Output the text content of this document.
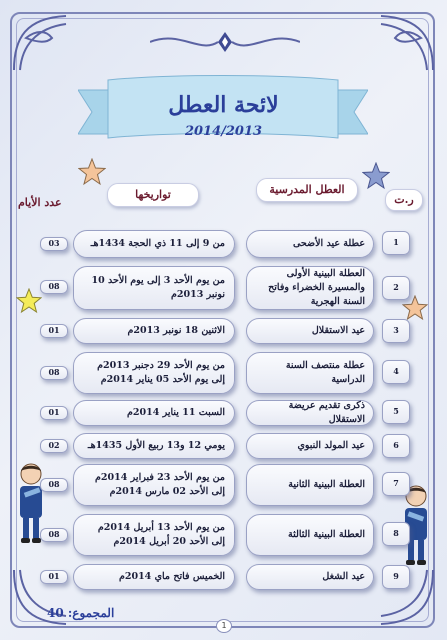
لائحة العطل
2014/2013
ر.ت
العطل المدرسية
تواريخها
عدد الأيام
1
عطلة عيد الأضحى
من 9 إلى 11 ذي الحجة 1434هـ
03
2
العطلة البينية الأولى والمسيرة الخضراء وفاتح السنة الهجرية
من يوم الأحد 3 إلى يوم الأحد 10 نونبر 2013م
08
3
عيد الاستقلال
الاثنين 18 نونبر 2013م
01
4
عطلة منتصف السنة الدراسية
من يوم الأحد 29 دجنبر 2013م إلى يوم الأحد 05 يناير 2014م
08
5
ذكرى تقديم عريضة الاستقلال
السبت 11 يناير 2014م
01
6
عيد المولد النبوي
يومي 12 و13 ربيع الأول 1435هـ
02
7
العطلة البينية الثانية
من يوم الأحد 23 فبراير 2014م إلى الأحد 02 مارس 2014م
08
8
العطلة البينية الثالثة
من يوم الأحد 13 أبريل 2014م إلى الأحد 20 أبريل 2014م
08
9
عيد الشغل
الخميس فاتح ماي 2014م
01
المجموع: 40
1
